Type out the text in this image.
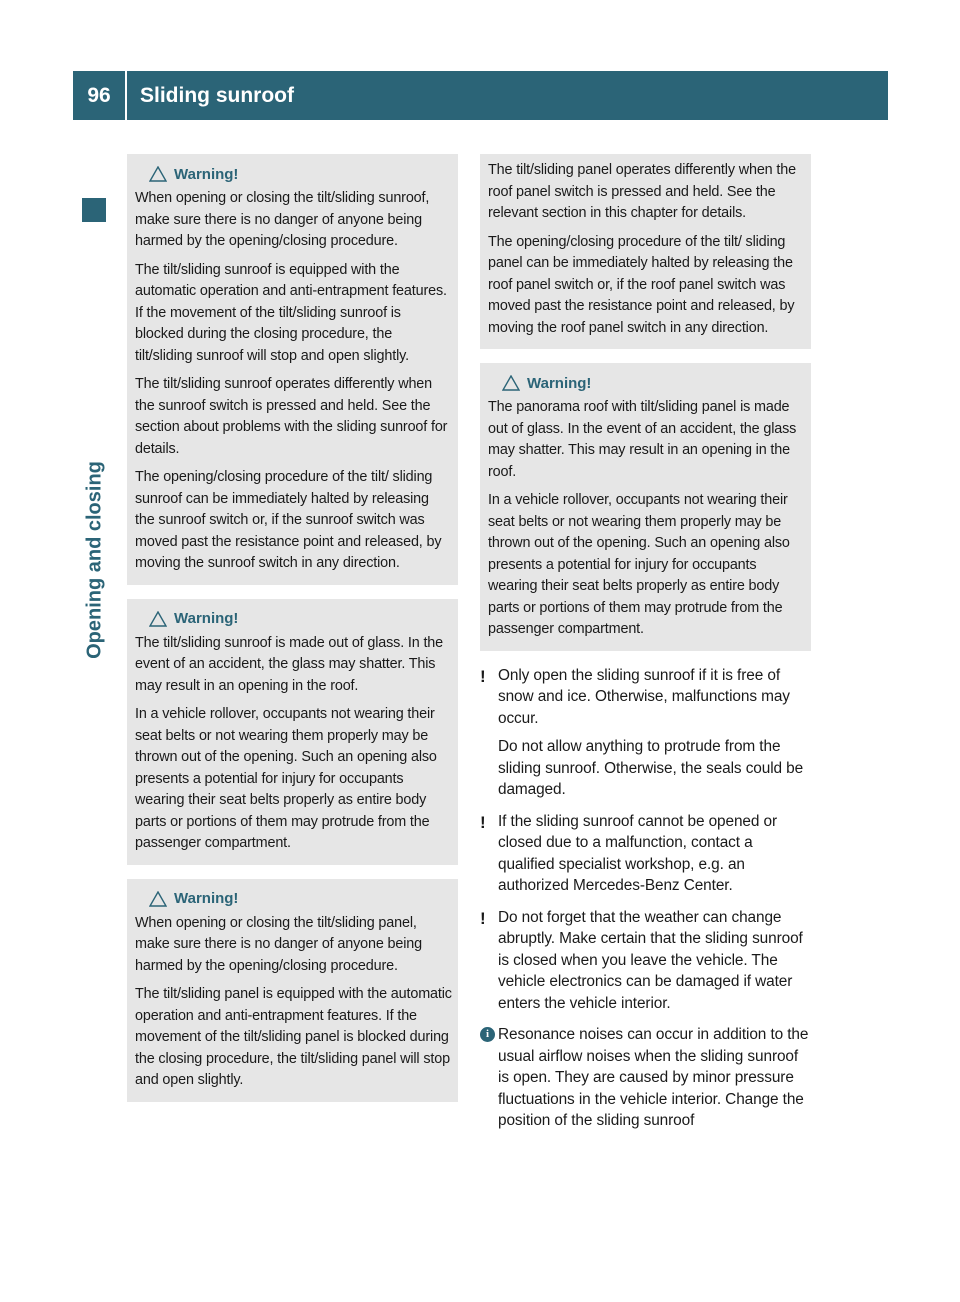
96	Sliding sunroof
Opening and closing
Warning!

When opening or closing the tilt/sliding sunroof, make sure there is no danger of anyone being harmed by the opening/closing procedure.

The tilt/sliding sunroof is equipped with the automatic operation and anti-entrapment features. If the movement of the tilt/sliding sunroof is blocked during the closing procedure, the tilt/sliding sunroof will stop and open slightly.

The tilt/sliding sunroof operates differently when the sunroof switch is pressed and held. See the section about problems with the sliding sunroof for details.

The opening/closing procedure of the tilt/ sliding sunroof can be immediately halted by releasing the sunroof switch or, if the sunroof switch was moved past the resistance point and released, by moving the sunroof switch in any direction.

Warning!

The tilt/sliding sunroof is made out of glass. In the event of an accident, the glass may shatter. This may result in an opening in the roof.

In a vehicle rollover, occupants not wearing their seat belts or not wearing them properly may be thrown out of the opening. Such an opening also presents a potential for injury for occupants wearing their seat belts properly as entire body parts or portions of them may protrude from the passenger compartment.

Warning!

When opening or closing the tilt/sliding panel, make sure there is no danger of anyone being harmed by the opening/closing procedure.

The tilt/sliding panel is equipped with the automatic operation and anti-entrapment features. If the movement of the tilt/sliding panel is blocked during the closing procedure, the tilt/sliding panel will stop and open slightly.

The tilt/sliding panel operates differently when the roof panel switch is pressed and held. See the relevant section in this chapter for details.

The opening/closing procedure of the tilt/ sliding panel can be immediately halted by releasing the roof panel switch or, if the roof panel switch was moved past the resistance point and released, by moving the roof panel switch in any direction.

Warning!

The panorama roof with tilt/sliding panel is made out of glass. In the event of an accident, the glass may shatter. This may result in an opening in the roof.

In a vehicle rollover, occupants not wearing their seat belts or not wearing them properly may be thrown out of the opening. Such an opening also presents a potential for injury for occupants wearing their seat belts properly as entire body parts or portions of them may protrude from the passenger compartment.

! Only open the sliding sunroof if it is free of snow and ice. Otherwise, malfunctions may occur.

Do not allow anything to protrude from the sliding sunroof. Otherwise, the seals could be damaged.

! If the sliding sunroof cannot be opened or closed due to a malfunction, contact a qualified specialist workshop, e.g. an authorized Mercedes-Benz Center.

! Do not forget that the weather can change abruptly. Make certain that the sliding sunroof is closed when you leave the vehicle. The vehicle electronics can be damaged if water enters the vehicle interior.

i Resonance noises can occur in addition to the usual airflow noises when the sliding sunroof is open. They are caused by minor pressure fluctuations in the vehicle interior. Change the position of the sliding sunroof
